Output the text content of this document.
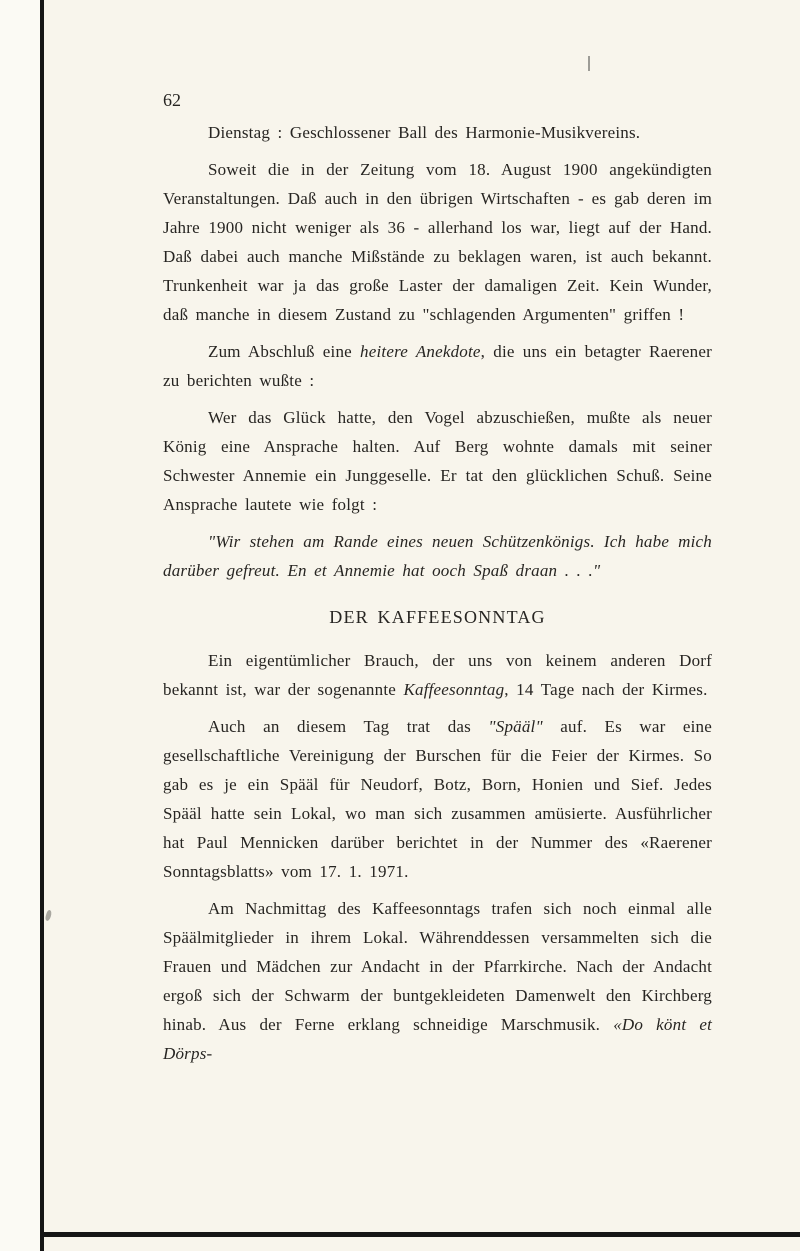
62

Dienstag : Geschlossener Ball des Harmonie-Musikvereins.

Soweit die in der Zeitung vom 18. August 1900 angekündigten Veranstaltungen. Daß auch in den übrigen Wirtschaften - es gab deren im Jahre 1900 nicht weniger als 36 - allerhand los war, liegt auf der Hand. Daß dabei auch manche Mißstände zu beklagen waren, ist auch bekannt. Trunkenheit war ja das große Laster der damaligen Zeit. Kein Wunder, daß manche in diesem Zustand zu "schlagenden Argumenten" griffen !

Zum Abschluß eine heitere Anekdote, die uns ein betagter Raerener zu berichten wußte :

Wer das Glück hatte, den Vogel abzuschießen, mußte als neuer König eine Ansprache halten. Auf Berg wohnte damals mit seiner Schwester Annemie ein Junggeselle. Er tat den glücklichen Schuß. Seine Ansprache lautete wie folgt :

"Wir stehen am Rande eines neuen Schützenkönigs. Ich habe mich darüber gefreut. En et Annemie hat ooch Spaß draan . . ."

DER KAFFEESONNTAG

Ein eigentümlicher Brauch, der uns von keinem anderen Dorf bekannt ist, war der sogenannte Kaffeesonntag, 14 Tage nach der Kirmes.

Auch an diesem Tag trat das "Spääl" auf. Es war eine gesellschaftliche Vereinigung der Burschen für die Feier der Kirmes. So gab es je ein Spääl für Neudorf, Botz, Born, Honien und Sief. Jedes Spääl hatte sein Lokal, wo man sich zusammen amüsierte. Ausführlicher hat Paul Mennicken darüber berichtet in der Nummer des «Raerener Sonntagsblatts» vom 17. 1. 1971.

Am Nachmittag des Kaffeesonntags trafen sich noch einmal alle Späälmitglieder in ihrem Lokal. Währenddessen versammelten sich die Frauen und Mädchen zur Andacht in der Pfarrkirche. Nach der Andacht ergoß sich der Schwarm der buntgekleideten Damenwelt den Kirchberg hinab. Aus der Ferne erklang schneidige Marschmusik. «Do könt et Dörps-
